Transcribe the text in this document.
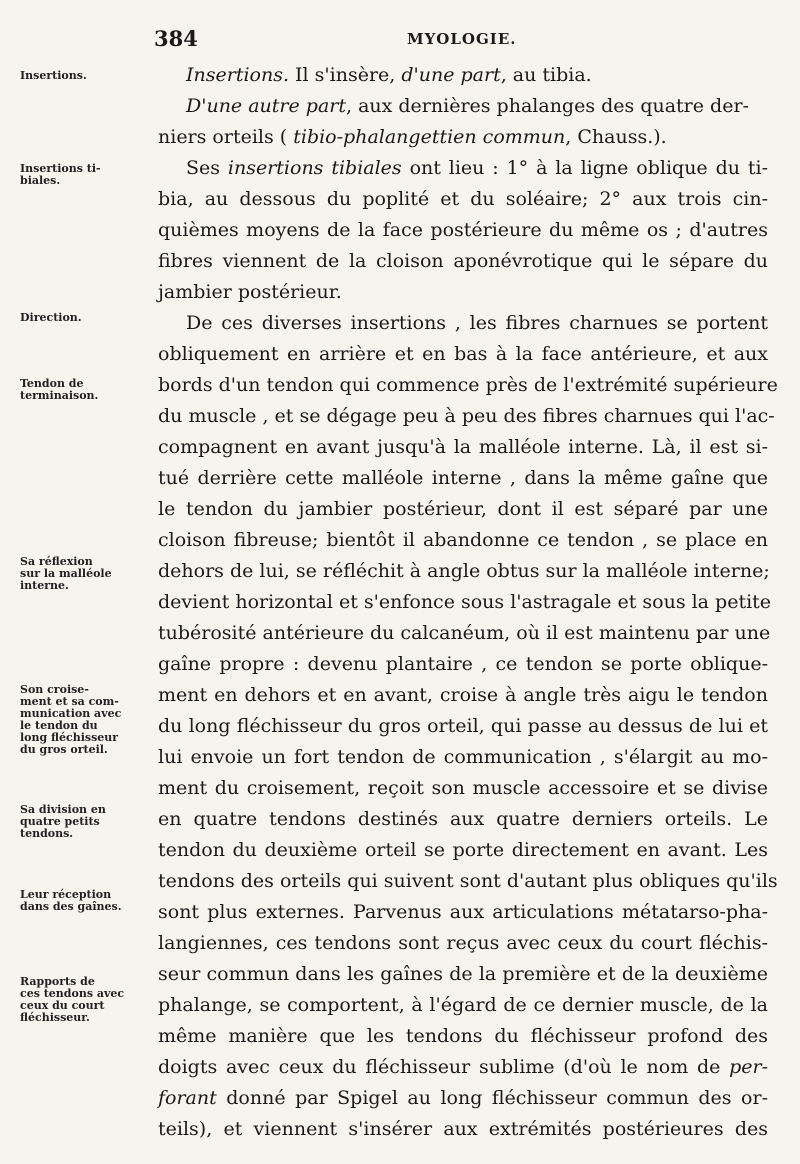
384	MYOLOGIE.
Insertions.
Insertions ti-
biales.
Direction.
Tendon de
terminaison.
Sa réflexion
sur la malléole
interne.
Son croise-
ment et sa com-
munication avec
le tendon du
long fléchisseur
du gros orteil.
Sa division en
quatre petits
tendons.
Leur réception
dans des gaînes.
Rapports de
ces tendons avec
ceux du court
fléchisseur.
Insertions. Il s'insère, d'une part, au tibia.
D'une autre part, aux dernières phalanges des quatre der-
niers orteils ( tibio-phalangettien commun, Chauss.).
Ses insertions tibiales ont lieu : 1° à la ligne oblique du ti-
bia, au dessous du poplité et du soléaire; 2° aux trois cin-
quièmes moyens de la face postérieure du même os ; d'autres
fibres viennent de la cloison aponévrotique qui le sépare du
jambier postérieur.
De ces diverses insertions , les fibres charnues se portent
obliquement en arrière et en bas à la face antérieure, et aux
bords d'un tendon qui commence près de l'extrémité supérieure
du muscle , et se dégage peu à peu des fibres charnues qui l'ac-
compagnent en avant jusqu'à la malléole interne. Là, il est si-
tué derrière cette malléole interne , dans la même gaîne que
le tendon du jambier postérieur, dont il est séparé par une
cloison fibreuse; bientôt il abandonne ce tendon , se place en
dehors de lui, se réfléchit à angle obtus sur la malléole interne;
devient horizontal et s'enfonce sous l'astragale et sous la petite
tubérosité antérieure du calcanéum, où il est maintenu par une
gaîne propre : devenu plantaire , ce tendon se porte oblique-
ment en dehors et en avant, croise à angle très aigu le tendon
du long fléchisseur du gros orteil, qui passe au dessus de lui et
lui envoie un fort tendon de communication , s'élargit au mo-
ment du croisement, reçoit son muscle accessoire et se divise
en quatre tendons destinés aux quatre derniers orteils. Le
tendon du deuxième orteil se porte directement en avant. Les
tendons des orteils qui suivent sont d'autant plus obliques qu'ils
sont plus externes. Parvenus aux articulations métatarso-pha-
langiennes, ces tendons sont reçus avec ceux du court fléchis-
seur commun dans les gaînes de la première et de la deuxième
phalange, se comportent, à l'égard de ce dernier muscle, de la
même manière que les tendons du fléchisseur profond des
doigts avec ceux du fléchisseur sublime (d'où le nom de per-
forant donné par Spigel au long fléchisseur commun des or-
teils), et viennent s'insérer aux extrémités postérieures des
